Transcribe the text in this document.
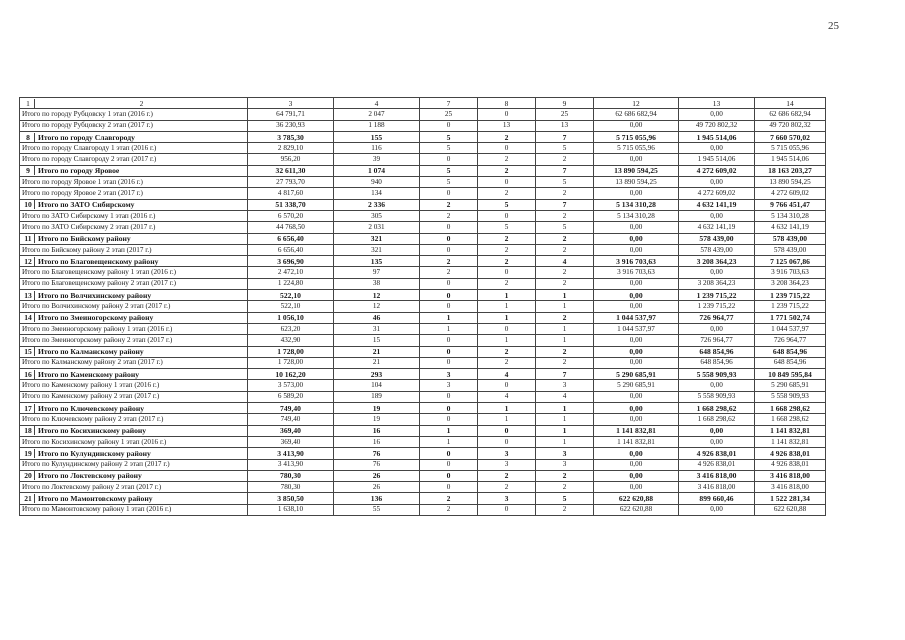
25
1 2	3	4	7	8	9	12	13	14
Итого по городу Рубцовску 1 этап (2016 г.)	64 791,71	2 047	25	0	25	62 686 682,94	0,00	62 686 682,94
Итого по городу Рубцовску 2 этап (2017 г.)	36 230,93	1 188	0	13	13	0,00	49 720 802,32	49 720 802,32

8 Итого по городу Славгороду	3 785,30	155	5	2	7	5 715 055,96	1 945 514,06	7 660 570,02
Итого по городу Славгороду 1 этап (2016 г.)	2 829,10	116	5	0	5	5 715 055,96	0,00	5 715 055,96
Итого по городу Славгороду 2 этап (2017 г.)	956,20	39	0	2	2	0,00	1 945 514,06	1 945 514,06

9 Итого по городу Яровое	32 611,30	1 074	5	2	7	13 890 594,25	4 272 609,02	18 163 203,27
Итого по городу Яровое 1 этап (2016 г.)	27 793,70	940	5	0	5	13 890 594,25	0,00	13 890 594,25
Итого по городу Яровое 2 этап (2017 г.)	4 817,60	134	0	2	2	0,00	4 272 609,02	4 272 609,02

10 Итого по ЗАТО Сибирскому	51 338,70	2 336	2	5	7	5 134 310,28	4 632 141,19	9 766 451,47
Итого по ЗАТО Сибирскому 1 этап (2016 г.)	6 570,20	305	2	0	2	5 134 310,28	0,00	5 134 310,28
Итого по ЗАТО Сибирскому 2 этап (2017 г.)	44 768,50	2 031	0	5	5	0,00	4 632 141,19	4 632 141,19

11 Итого по Бийскому району	6 656,40	321	0	2	2	0,00	578 439,00	578 439,00
Итого по Бийскому району 2 этап (2017 г.)	6 656,40	321	0	2	2	0,00	578 439,00	578 439,00

12 Итого по Благовещенскому району	3 696,90	135	2	2	4	3 916 703,63	3 208 364,23	7 125 067,86
Итого по Благовещенскому району 1 этап (2016 г.)	2 472,10	97	2	0	2	3 916 703,63	0,00	3 916 703,63
Итого по Благовещенскому району 2 этап (2017 г.)	1 224,80	38	0	2	2	0,00	3 208 364,23	3 208 364,23

13 Итого по Волчихинскому району	522,10	12	0	1	1	0,00	1 239 715,22	1 239 715,22
Итого по Волчихинскому району 2 этап (2017 г.)	522,10	12	0	1	1	0,00	1 239 715,22	1 239 715,22

14 Итого по Змеиногорскому району	1 056,10	46	1	1	2	1 044 537,97	726 964,77	1 771 502,74
Итого по Змеиногорскому району 1 этап (2016 г.)	623,20	31	1	0	1	1 044 537,97	0,00	1 044 537,97
Итого по Змеиногорскому району 2 этап (2017 г.)	432,90	15	0	1	1	0,00	726 964,77	726 964,77

15 Итого по Калманскому району	1 728,00	21	0	2	2	0,00	648 854,96	648 854,96
Итого по Калманскому району 2 этап (2017 г.)	1 728,00	21	0	2	2	0,00	648 854,96	648 854,96

16 Итого по Каменскому району	10 162,20	293	3	4	7	5 290 685,91	5 558 909,93	10 849 595,84
Итого по Каменскому району 1 этап (2016 г.)	3 573,00	104	3	0	3	5 290 685,91	0,00	5 290 685,91
Итого по Каменскому району 2 этап (2017 г.)	6 589,20	189	0	4	4	0,00	5 558 909,93	5 558 909,93

17 Итого по Ключевскому району	749,40	19	0	1	1	0,00	1 668 298,62	1 668 298,62
Итого по Ключевскому району 2 этап (2017 г.)	749,40	19	0	1	1	0,00	1 668 298,62	1 668 298,62

18 Итого по Косихинскому району	369,40	16	1	0	1	1 141 832,81	0,00	1 141 832,81
Итого по Косихинскому району 1 этап (2016 г.)	369,40	16	1	0	1	1 141 832,81	0,00	1 141 832,81

19 Итого по Кулундинскому району	3 413,90	76	0	3	3	0,00	4 926 838,01	4 926 838,01
Итого по Кулундинскому району 2 этап (2017 г.)	3 413,90	76	0	3	3	0,00	4 926 838,01	4 926 838,01

20 Итого по Локтевскому району	780,30	26	0	2	2	0,00	3 416 818,00	3 416 818,00
Итого по Локтевскому району 2 этап (2017 г.)	780,30	26	0	2	2	0,00	3 416 818,00	3 416 818,00

21 Итого по Мамонтовскому району	3 850,50	136	2	3	5	622 620,88	899 660,46	1 522 281,34
Итого по Мамонтовскому району 1 этап (2016 г.)	1 638,10	55	2	0	2	622 620,88	0,00	622 620,88
